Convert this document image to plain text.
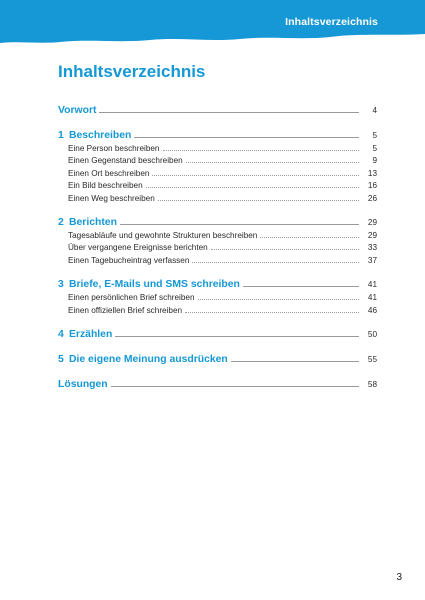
Inhaltsverzeichnis
Inhaltsverzeichnis
Vorwort	4
1 Beschreiben	5
Eine Person beschreiben	5
Einen Gegenstand beschreiben	9
Einen Ort beschreiben	13
Ein Bild beschreiben	16
Einen Weg beschreiben	26
2 Berichten	29
Tagesabläufe und gewohnte Strukturen beschreiben	29
Über vergangene Ereignisse berichten	33
Einen Tagebucheintrag verfassen	37
3 Briefe, E-Mails und SMS schreiben	41
Einen persönlichen Brief schreiben	41
Einen offiziellen Brief schreiben	46
4 Erzählen	50
5 Die eigene Meinung ausdrücken	55
Lösungen	58
3
